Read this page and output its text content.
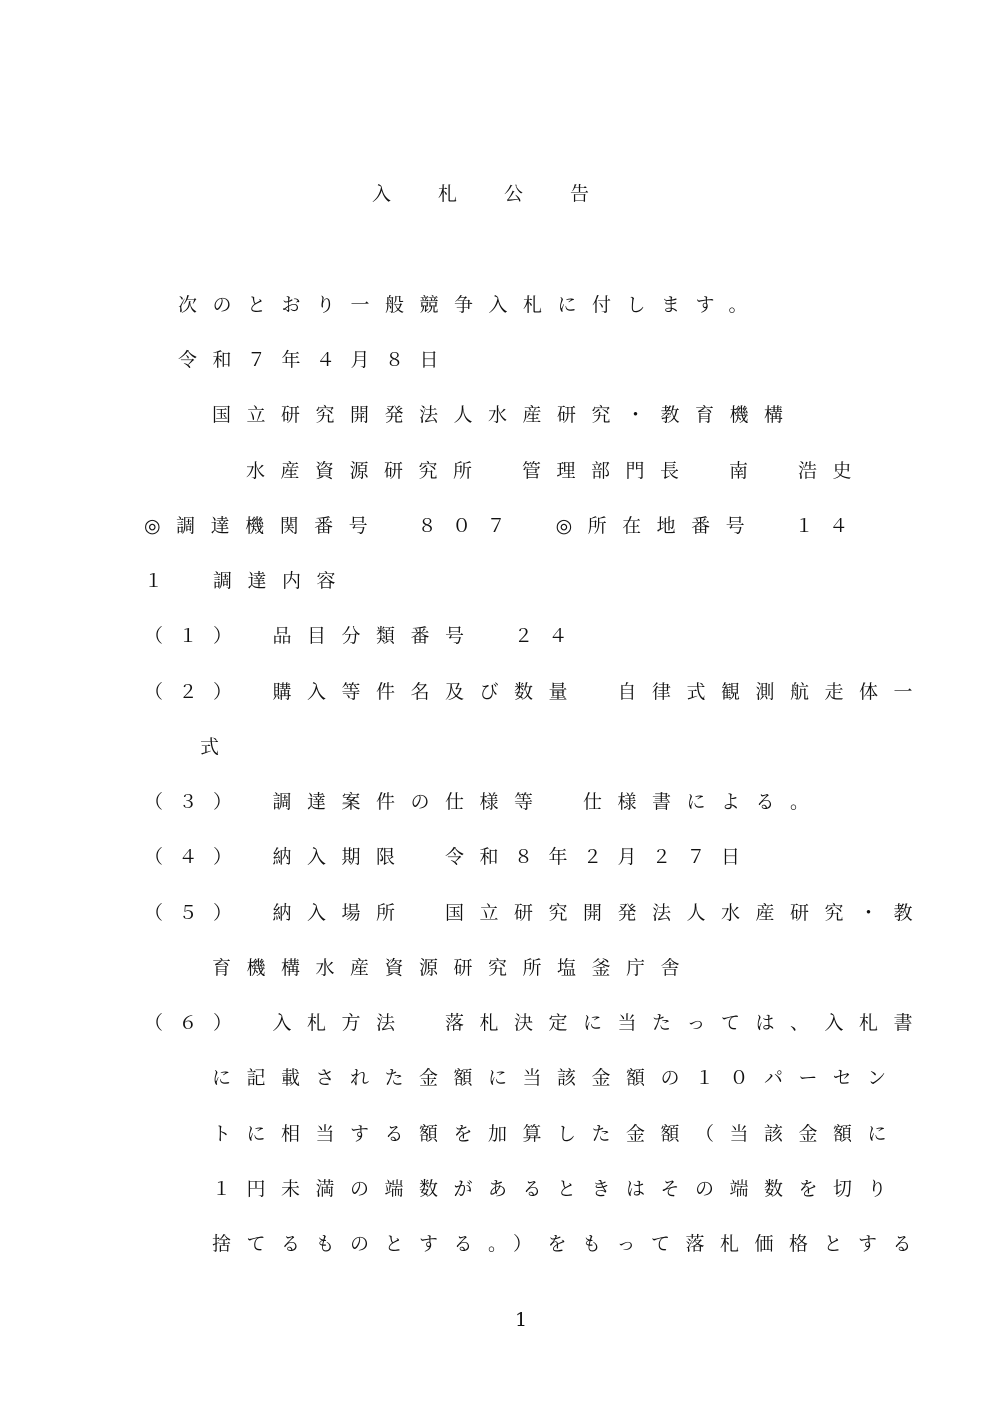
入札公告
次のとおり一般競争入札に付します。
令和７年４月８日
国立研究開発法人水産研究・教育機構
水産資源研究所　管理部門長　南　浩史
◎調達機関番号　８０７　◎所在地番号　１４
１　調達内容
（１）　品目分類番号　２４
（２）　購入等件名及び数量　自律式観測航走体一
式
（３）　調達案件の仕様等　仕様書による。
（４）　納入期限　令和８年２月２７日
（５）　納入場所　国立研究開発法人水産研究・教
育機構水産資源研究所塩釜庁舎
（６）　入札方法　落札決定に当たっては、入札書
に記載された金額に当該金額の１０パーセン
トに相当する額を加算した金額（当該金額に
１円未満の端数があるときはその端数を切り
捨てるものとする。）をもって落札価格とする
1
